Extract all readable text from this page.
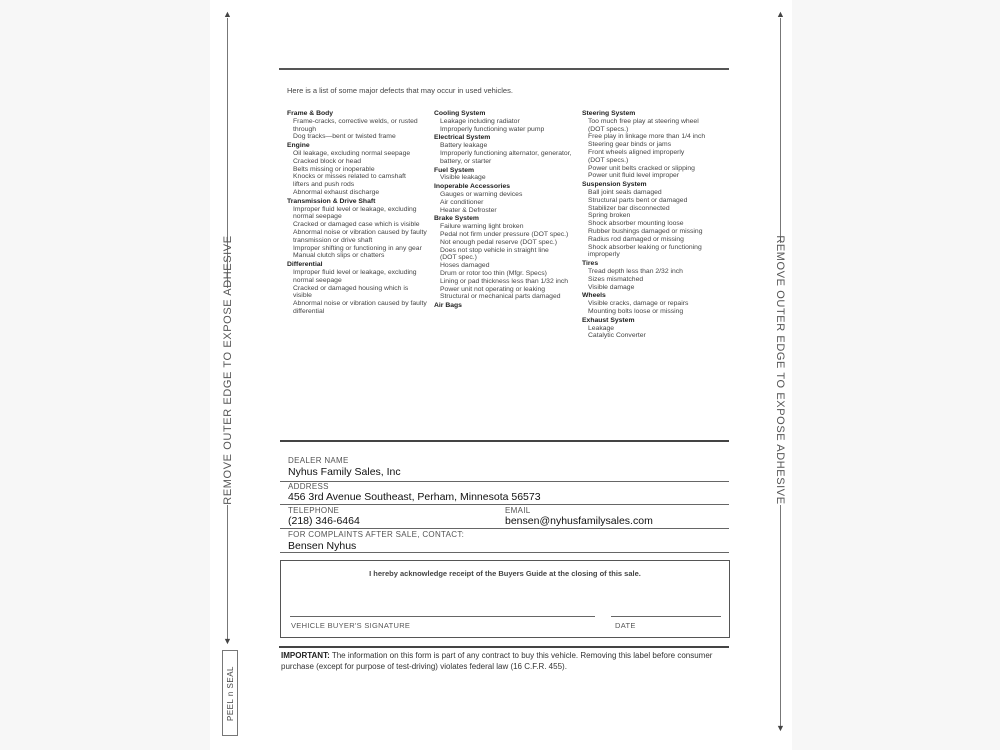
▲
REMOVE OUTER EDGE TO EXPOSE ADHESIVE
▼
PEEL n SEAL
▲
REMOVE OUTER EDGE TO EXPOSE ADHESIVE
▼
Here is a list of some major defects that may occur in used vehicles.
Frame & Body
Frame-cracks, corrective welds, or rusted
through
Dog tracks—bent or twisted frame
Engine
Oil leakage, excluding normal seepage
Cracked block or head
Belts missing or inoperable
Knocks or misses related to camshaft
lifters and push rods
Abnormal exhaust discharge
Transmission & Drive Shaft
Improper fluid level or leakage, excluding
normal seepage
Cracked or damaged case which is visible
Abnormal noise or vibration caused by faulty
transmission or drive shaft
Improper shifting or functioning in any gear
Manual clutch slips or chatters
Differential
Improper fluid level or leakage, excluding
normal seepage
Cracked or damaged housing which is
visible
Abnormal noise or vibration caused by faulty
differential
Cooling System
Leakage including radiator
Improperly functioning water pump
Electrical System
Battery leakage
Improperly functioning alternator, generator,
battery, or starter
Fuel System
Visible leakage
Inoperable Accessories
Gauges or warning devices
Air conditioner
Heater & Defroster
Brake System
Failure warning light broken
Pedal not firm under pressure (DOT spec.)
Not enough pedal reserve (DOT spec.)
Does not stop vehicle in straight line
(DOT spec.)
Hoses damaged
Drum or rotor too thin (Mfgr. Specs)
Lining or pad thickness less than 1/32 inch
Power unit not operating or leaking
Structural or mechanical parts damaged
Air Bags
Steering System
Too much free play at steering wheel
(DOT specs.)
Free play in linkage more than 1/4 inch
Steering gear binds or jams
Front wheels aligned improperly
(DOT specs.)
Power unit belts cracked or slipping
Power unit fluid level improper
Suspension System
Ball joint seals damaged
Structural parts bent or damaged
Stabilizer bar disconnected
Spring broken
Shock absorber mounting loose
Rubber bushings damaged or missing
Radius rod damaged or missing
Shock absorber leaking or functioning
improperly
Tires
Tread depth less than 2/32 inch
Sizes mismatched
Visible damage
Wheels
Visible cracks, damage or repairs
Mounting bolts loose or missing
Exhaust System
Leakage
Catalytic Converter
DEALER NAME
Nyhus Family Sales, Inc
ADDRESS
456 3rd Avenue Southeast, Perham, Minnesota 56573
TELEPHONE
(218) 346-6464
EMAIL
bensen@nyhusfamilysales.com
FOR COMPLAINTS AFTER SALE, CONTACT:
Bensen Nyhus
I hereby acknowledge receipt of the Buyers Guide at the closing of this sale.
VEHICLE BUYER'S SIGNATURE	DATE
IMPORTANT: The information on this form is part of any contract to buy this vehicle. Removing this label before consumer purchase (except for purpose of test-driving) violates federal law (16 C.F.R. 455).
